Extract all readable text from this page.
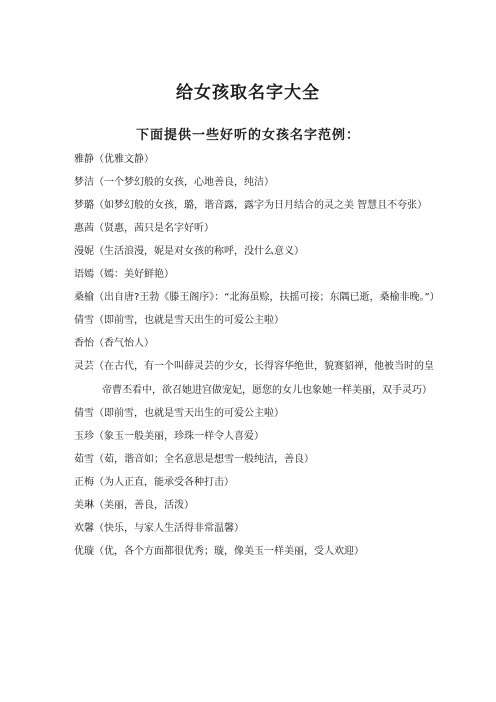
给女孩取名字大全
下面提供一些好听的女孩名字范例：
雅静（优雅文静）
梦洁（一个梦幻般的女孩，心地善良，纯洁）
梦璐（如梦幻般的女孩，璐，谐音露，露字为日月结合的灵之美 智慧且不夸张）
惠茜（贤惠，茜只是名字好听）
漫妮（生活浪漫，妮是对女孩的称呼，没什么意义）
语嫣（嫣：美好鲜艳）
桑榆（出自唐?王勃《滕王阁序》：“北海虽赊，扶摇可接；东隅已逝，桑榆非晚。”）
倩雪（即前雪，也就是雪天出生的可爱公主啦）
香怡（香气怡人）
灵芸（在古代，有一个叫薛灵芸的少女，长得容华绝世，貌赛貂禅，他被当时的皇帝曹丕看中，欲召她进宫做宠妃，愿您的女儿也象她一样美丽，双手灵巧）
倩雪（即前雪，也就是雪天出生的可爱公主啦）
玉珍（象玉一般美丽，珍珠一样令人喜爱）
茹雪（茹，谐音如；全名意思是想雪一般纯洁，善良）
正梅（为人正直，能承受各种打击）
美琳（美丽，善良，活泼）
欢馨（快乐，与家人生活得非常温馨）
优璇（优，各个方面都很优秀；璇，像美玉一样美丽，受人欢迎）
